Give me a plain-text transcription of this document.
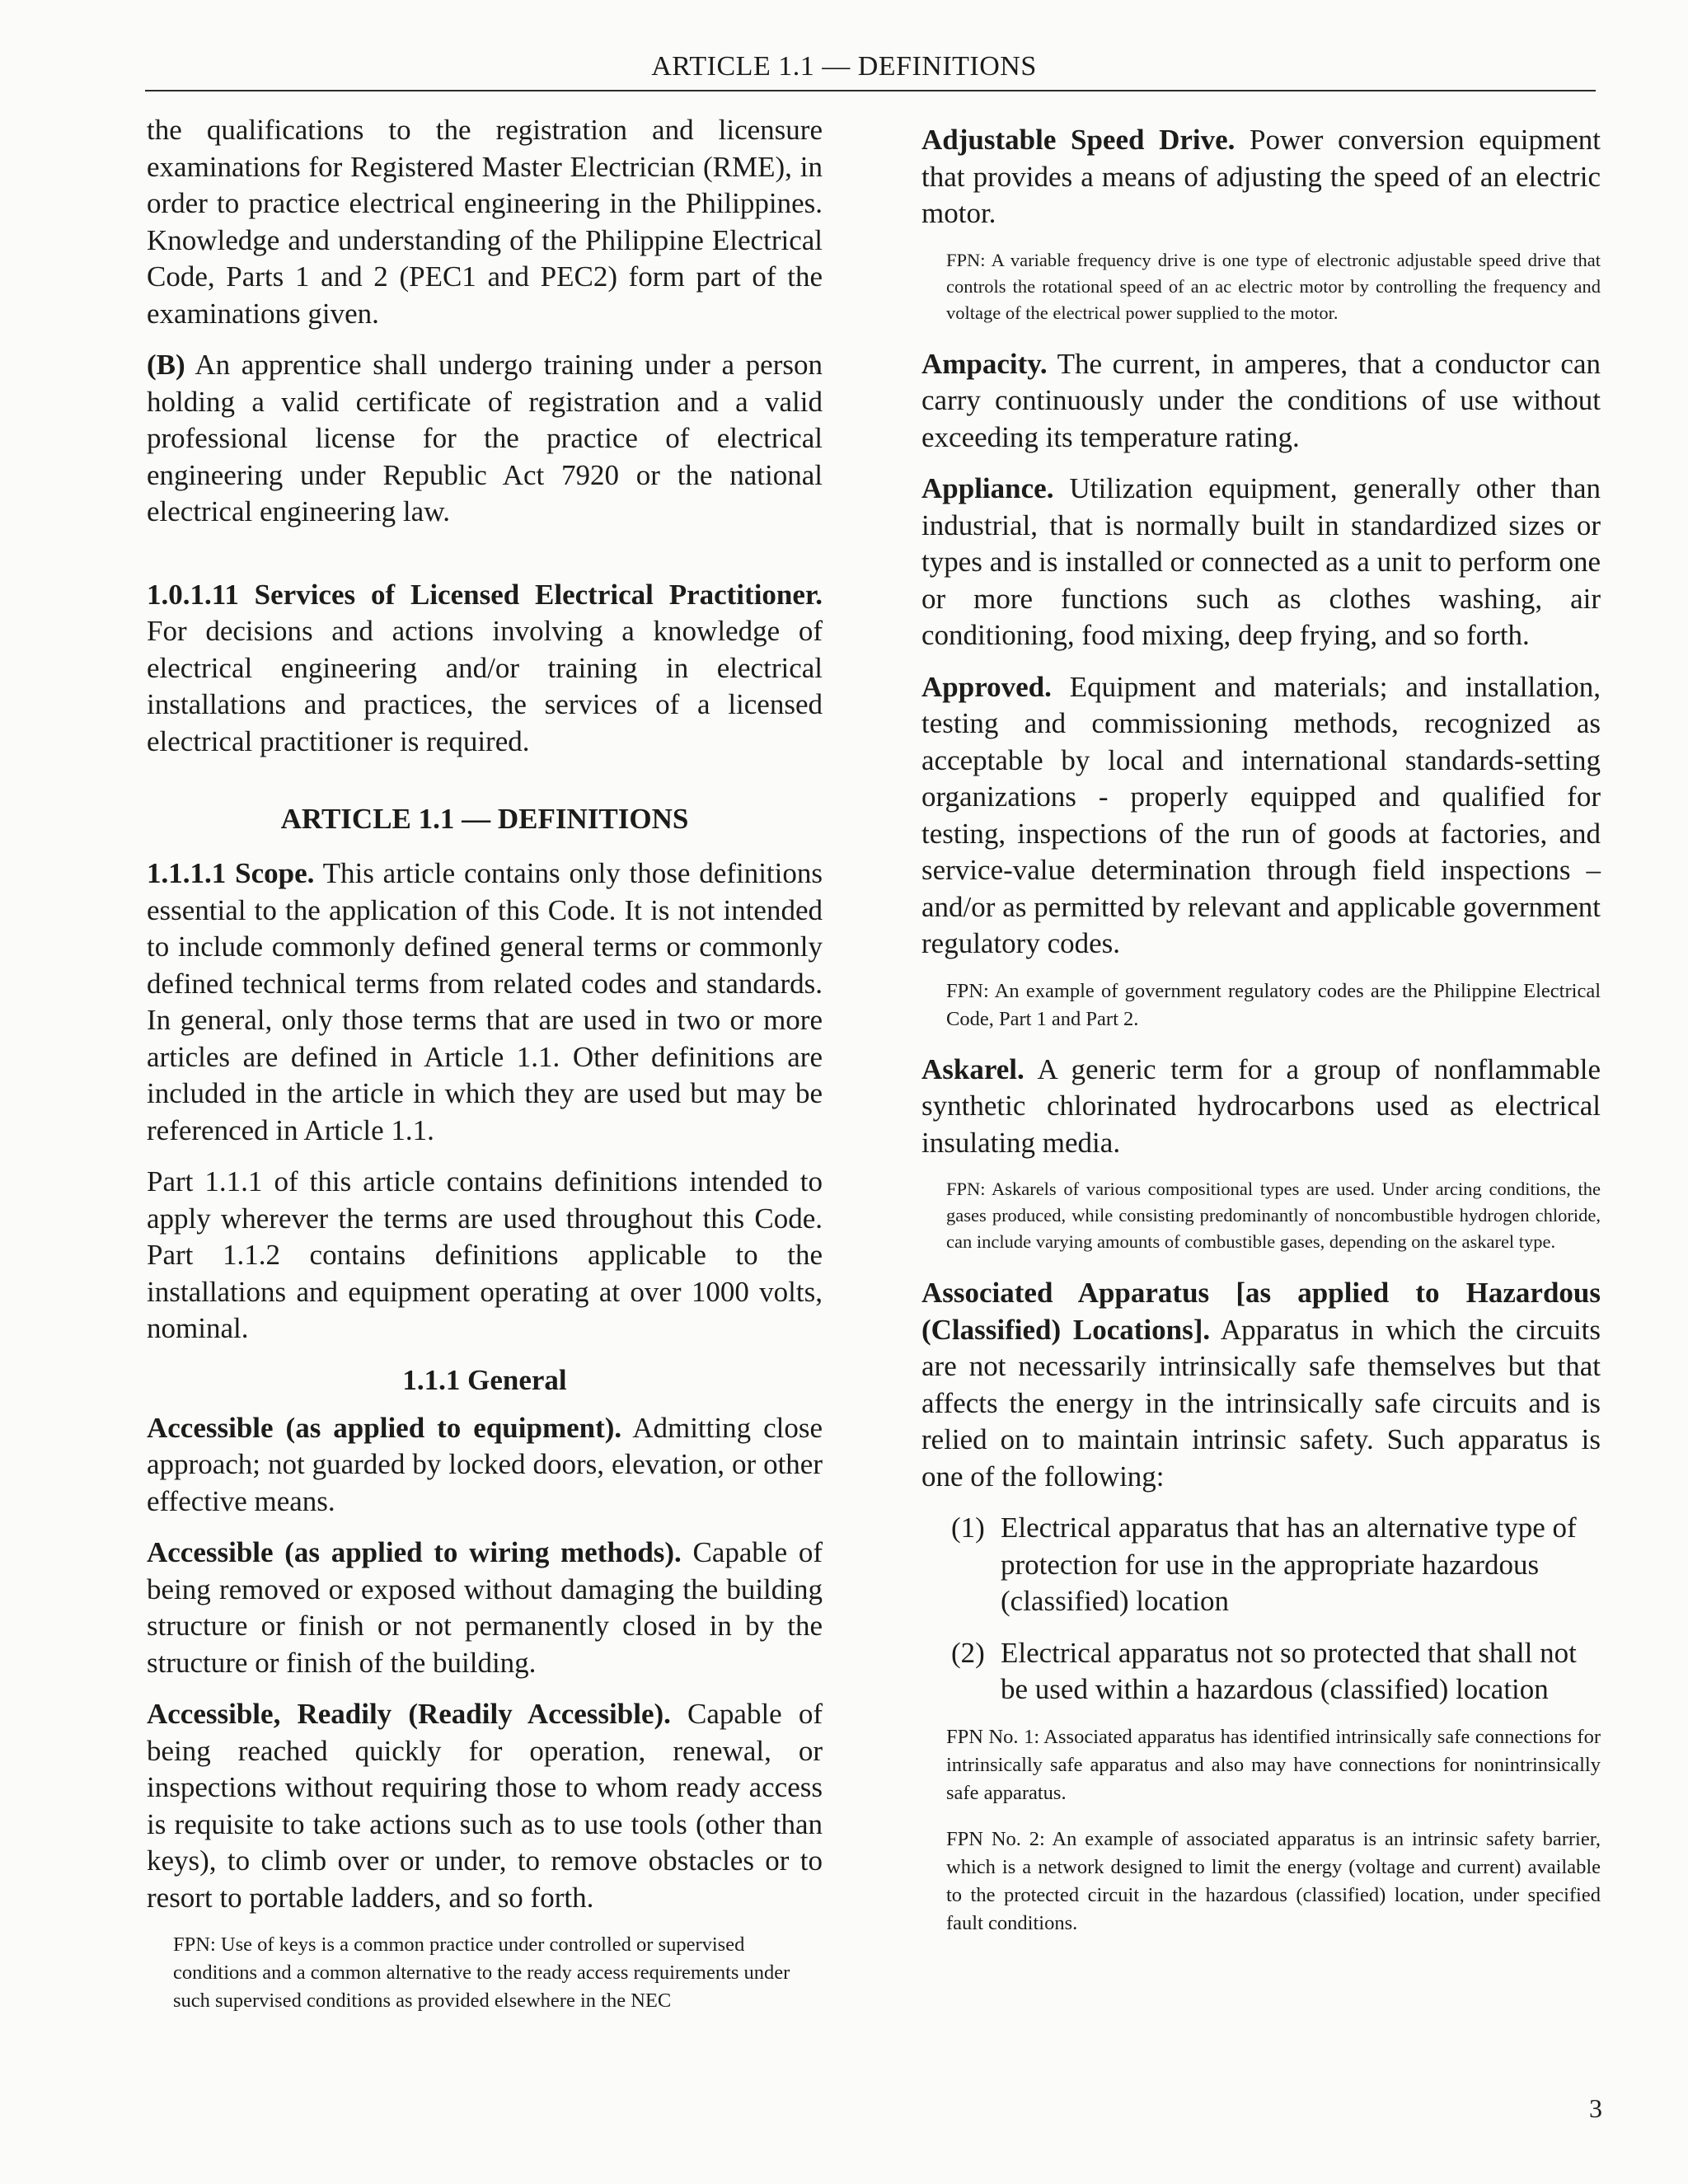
ARTICLE 1.1 — DEFINITIONS

the qualifications to the registration and licensure examinations for Registered Master Electrician (RME), in order to practice electrical engineering in the Philippines. Knowledge and understanding of the Philippine Electrical Code, Parts 1 and 2 (PEC1 and PEC2) form part of the examinations given.

(B) An apprentice shall undergo training under a person holding a valid certificate of registration and a valid professional license for the practice of electrical engineering under Republic Act 7920 or the national electrical engineering law.

1.0.1.11 Services of Licensed Electrical Practitioner. For decisions and actions involving a knowledge of electrical engineering and/or training in electrical installations and practices, the services of a licensed electrical practitioner is required.

ARTICLE 1.1 — DEFINITIONS

1.1.1.1 Scope. This article contains only those definitions essential to the application of this Code. It is not intended to include commonly defined general terms or commonly defined technical terms from related codes and standards. In general, only those terms that are used in two or more articles are defined in Article 1.1. Other definitions are included in the article in which they are used but may be referenced in Article 1.1.

Part 1.1.1 of this article contains definitions intended to apply wherever the terms are used throughout this Code. Part 1.1.2 contains definitions applicable to the installations and equipment operating at over 1000 volts, nominal.

1.1.1 General

Accessible (as applied to equipment). Admitting close approach; not guarded by locked doors, elevation, or other effective means.

Accessible (as applied to wiring methods). Capable of being removed or exposed without damaging the building structure or finish or not permanently closed in by the structure or finish of the building.

Accessible, Readily (Readily Accessible). Capable of being reached quickly for operation, renewal, or inspections without requiring those to whom ready access is requisite to take actions such as to use tools (other than keys), to climb over or under, to remove obstacles or to resort to portable ladders, and so forth.

FPN: Use of keys is a common practice under controlled or supervised conditions and a common alternative to the ready access requirements under such supervised conditions as provided elsewhere in the NEC

Adjustable Speed Drive. Power conversion equipment that provides a means of adjusting the speed of an electric motor.

FPN: A variable frequency drive is one type of electronic adjustable speed drive that controls the rotational speed of an ac electric motor by controlling the frequency and voltage of the electrical power supplied to the motor.

Ampacity. The current, in amperes, that a conductor can carry continuously under the conditions of use without exceeding its temperature rating.

Appliance. Utilization equipment, generally other than industrial, that is normally built in standardized sizes or types and is installed or connected as a unit to perform one or more functions such as clothes washing, air conditioning, food mixing, deep frying, and so forth.

Approved. Equipment and materials; and installation, testing and commissioning methods, recognized as acceptable by local and international standards-setting organizations - properly equipped and qualified for testing, inspections of the run of goods at factories, and service-value determination through field inspections – and/or as permitted by relevant and applicable government regulatory codes.

FPN: An example of government regulatory codes are the Philippine Electrical Code, Part 1 and Part 2.

Askarel. A generic term for a group of nonflammable synthetic chlorinated hydrocarbons used as electrical insulating media.

FPN: Askarels of various compositional types are used. Under arcing conditions, the gases produced, while consisting predominantly of noncombustible hydrogen chloride, can include varying amounts of combustible gases, depending on the askarel type.

Associated Apparatus [as applied to Hazardous (Classified) Locations]. Apparatus in which the circuits are not necessarily intrinsically safe themselves but that affects the energy in the intrinsically safe circuits and is relied on to maintain intrinsic safety. Such apparatus is one of the following:

(1) Electrical apparatus that has an alternative type of protection for use in the appropriate hazardous (classified) location
(2) Electrical apparatus not so protected that shall not be used within a hazardous (classified) location

FPN No. 1: Associated apparatus has identified intrinsically safe connections for intrinsically safe apparatus and also may have connections for nonintrinsically safe apparatus.

FPN No. 2: An example of associated apparatus is an intrinsic safety barrier, which is a network designed to limit the energy (voltage and current) available to the protected circuit in the hazardous (classified) location, under specified fault conditions.

3
